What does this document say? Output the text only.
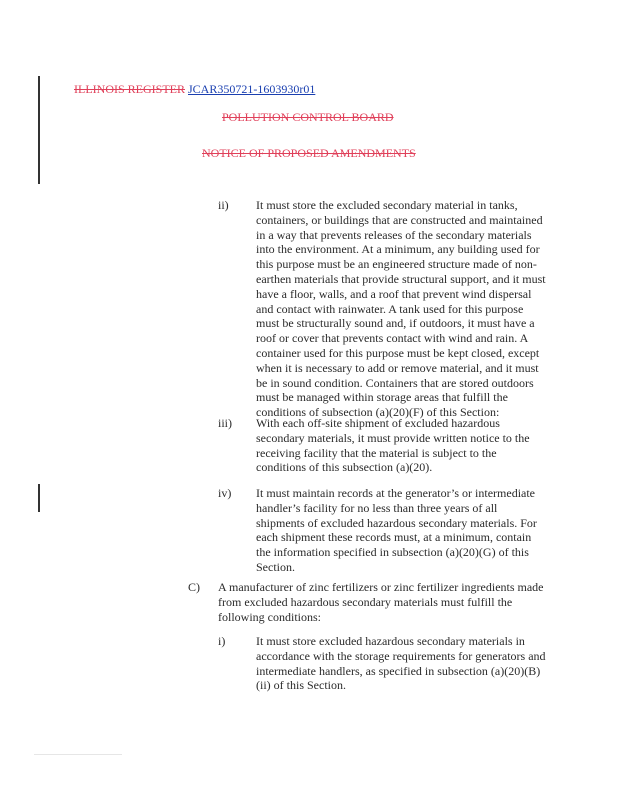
ILLINOIS REGISTER JCAR350721-1603930r01
POLLUTION CONTROL BOARD
NOTICE OF PROPOSED AMENDMENTS
ii) It must store the excluded secondary material in tanks, containers, or buildings that are constructed and maintained in a way that prevents releases of the secondary materials into the environment. At a minimum, any building used for this purpose must be an engineered structure made of non-earthen materials that provide structural support, and it must have a floor, walls, and a roof that prevent wind dispersal and contact with rainwater. A tank used for this purpose must be structurally sound and, if outdoors, it must have a roof or cover that prevents contact with wind and rain. A container used for this purpose must be kept closed, except when it is necessary to add or remove material, and it must be in sound condition. Containers that are stored outdoors must be managed within storage areas that fulfill the conditions of subsection (a)(20)(F) of this Section:
iii) With each off-site shipment of excluded hazardous secondary materials, it must provide written notice to the receiving facility that the material is subject to the conditions of this subsection (a)(20).
iv) It must maintain records at the generator’s or intermediate handler’s facility for no less than three years of all shipments of excluded hazardous secondary materials. For each shipment these records must, at a minimum, contain the information specified in subsection (a)(20)(G) of this Section.
C) A manufacturer of zinc fertilizers or zinc fertilizer ingredients made from excluded hazardous secondary materials must fulfill the following conditions:
i)	It must store excluded hazardous secondary materials in accordance with the storage requirements for generators and intermediate handlers, as specified in subsection (a)(20)(B)(ii) of this Section.
